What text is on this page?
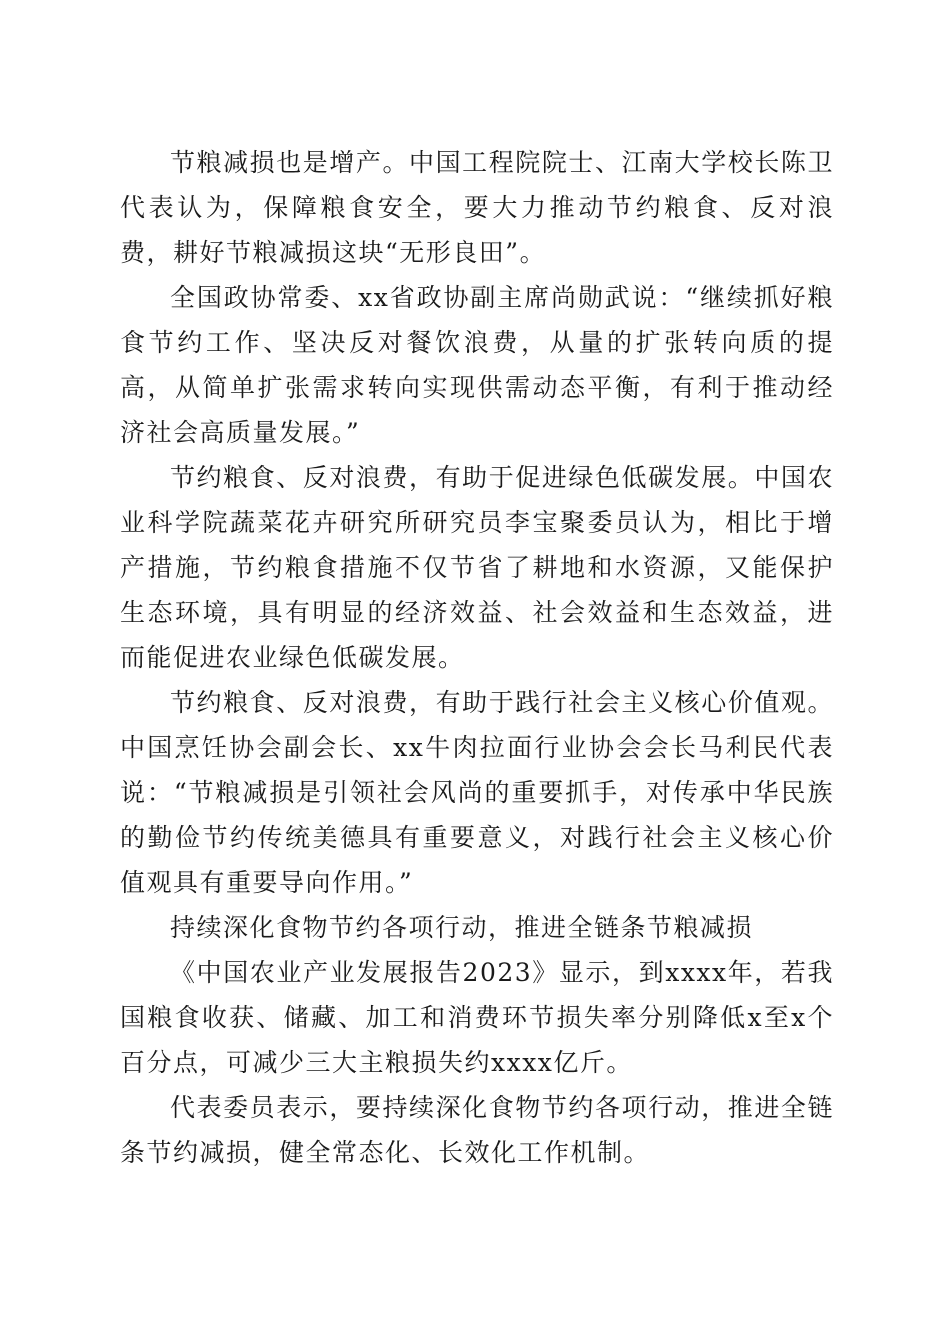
节粮减损也是增产。中国工程院院士、江南大学校长陈卫代表认为，保障粮食安全，要大力推动节约粮食、反对浪费，耕好节粮减损这块“无形良田”。

全国政协常委、xx省政协副主席尚勋武说：“继续抓好粮食节约工作、坚决反对餐饮浪费，从量的扩张转向质的提高，从简单扩张需求转向实现供需动态平衡，有利于推动经济社会高质量发展。”

节约粮食、反对浪费，有助于促进绿色低碳发展。中国农业科学院蔬菜花卉研究所研究员李宝聚委员认为，相比于增产措施，节约粮食措施不仅节省了耕地和水资源，又能保护生态环境，具有明显的经济效益、社会效益和生态效益，进而能促进农业绿色低碳发展。

节约粮食、反对浪费，有助于践行社会主义核心价值观。中国烹饪协会副会长、xx牛肉拉面行业协会会长马利民代表说：“节粮减损是引领社会风尚的重要抓手，对传承中华民族的勤俭节约传统美德具有重要意义，对践行社会主义核心价值观具有重要导向作用。”

持续深化食物节约各项行动，推进全链条节粮减损

《中国农业产业发展报告2023》显示，到xxxx年，若我国粮食收获、储藏、加工和消费环节损失率分别降低x至x个百分点，可减少三大主粮损失约xxxx亿斤。

代表委员表示，要持续深化食物节约各项行动，推进全链条节约减损，健全常态化、长效化工作机制。
